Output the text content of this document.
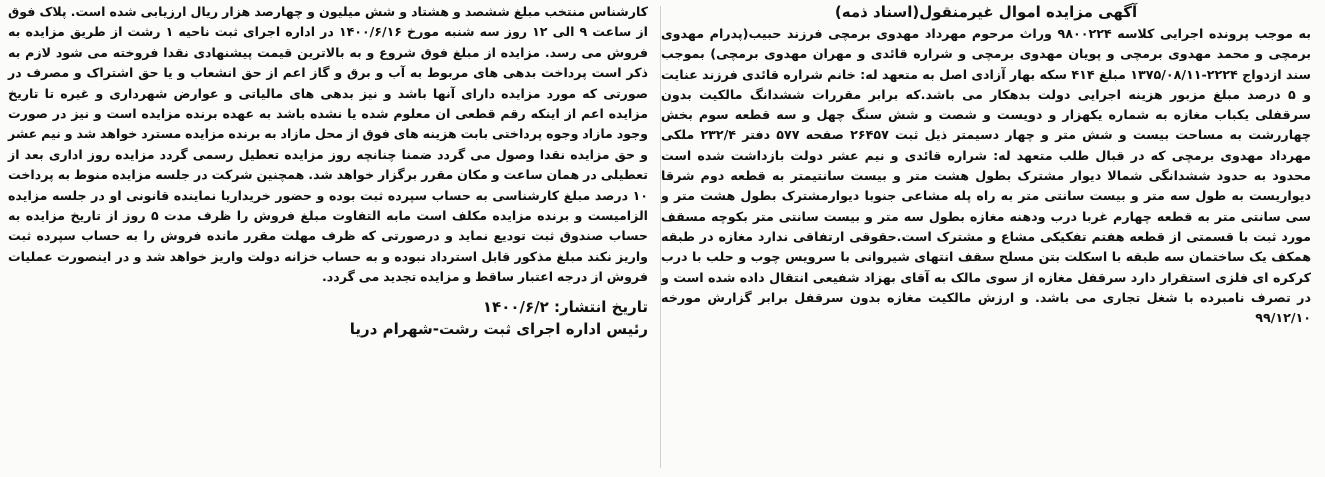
آگهی مزایده اموال غیرمنقول(اسناد ذمه)

به موجب پرونده اجرایی کلاسه ۹۸۰۰۲۲۴ وراث مرحوم مهرداد مهدوی برمچی فرزند حبیب(پدرام مهدوی برمچی و محمد مهدوی برمچی و پویان مهدوی برمچی و شراره قائدی و مهران مهدوی برمچی) بموجب سند ازدواج ۲۲۲۴-۱۳۷۵/۰۸/۱۱ مبلغ ۴۱۴ سکه بهار آزادی اصل به متعهد له: خانم شراره قائدی فرزند عنایت و ۵ درصد مبلغ مزبور هزینه اجرایی دولت بدهکار می باشد.که برابر مقررات ششدانگ مالکیت بدون سرقفلی یکباب مغازه به شماره یکهزار و دویست و شصت و شش سنگ چهل و سه قطعه سوم بخش چهاررشت به مساحت بیست و شش متر و چهار دسیمتر ذیل ثبت ۲۶۴۵۷ صفحه ۵۷۷ دفتر ۲۳۲/۴ ملکی مهرداد مهدوی برمچی که در قبال طلب متعهد له: شراره قائدی و نیم عشر دولت بازداشت شده است محدود به حدود ششدانگی شمالا دیوار مشترک بطول هشت متر و بیست سانتیمتر به قطعه دوم شرقا دیواریست به طول سه متر و بیست سانتی متر به راه پله مشاعی جنوبا دیوارمشترک بطول هشت متر و سی سانتی متر به قطعه چهارم غربا درب ودهنه مغازه بطول سه متر و بیست سانتی متر بکوچه مسقف مورد ثبت با قسمتی از قطعه هفتم تفکیکی مشاع و مشترک است.حقوقی ارتفاقی ندارد مغازه در طبقه همکف یک ساختمان سه طبقه با اسکلت بتن مسلح سقف انتهای شیروانی با سرویس چوب و حلب با درب کرکره ای فلزی استقرار دارد سرقفل مغازه از سوی مالک به آقای بهزاد شفیعی انتقال داده شده است و در تصرف نامبرده با شغل تجاری می باشد. و ارزش مالکیت مغازه بدون سرقفل برابر گزارش مورخه ۹۹/۱۲/۱۰

کارشناس منتخب مبلغ ششصد و هشتاد و شش میلیون و چهارصد هزار ریال ارزیابی شده است. پلاک فوق از ساعت ۹ الی ۱۲ روز سه شنبه مورخ ۱۴۰۰/۶/۱۶ در اداره اجرای ثبت ناحیه ۱ رشت از طریق مزایده به فروش می رسد. مزایده از مبلغ فوق شروع و به بالاترین قیمت پیشنهادی نقدا فروخته می شود لازم به ذکر است پرداخت بدهی های مربوط به آب و برق و گاز اعم از حق انشعاب و یا حق اشتراک و مصرف در صورتی که مورد مزایده دارای آنها باشد و نیز بدهی های مالیاتی و عوارض شهرداری و غیره تا تاریخ مزایده اعم از اینکه رقم قطعی ان معلوم شده یا نشده باشد به عهده برنده مزایده است و نیز در صورت وجود مازاد وجوه پرداختی بابت هزینه های فوق از محل مازاد به برنده مزایده مسترد خواهد شد و نیم عشر و حق مزایده نقدا وصول می گردد ضمنا چنانچه روز مزایده تعطیل رسمی گردد مزایده روز اداری بعد از تعطیلی در همان ساعت و مکان مقرر برگزار خواهد شد. همچنین شرکت در جلسه مزایده منوط به پرداخت ۱۰ درصد مبلغ کارشناسی به حساب سپرده ثبت بوده و حضور خریداریا نماینده قانونی او در جلسه مزایده الزامیست و برنده مزایده مکلف است مابه التفاوت مبلغ فروش را ظرف مدت ۵ روز از تاریخ مزایده به حساب صندوق ثبت تودیع نماید و درصورتی که ظرف مهلت مقرر مانده فروش را به حساب سپرده ثبت واریز نکند مبلغ مذکور قابل استرداد نبوده و به حساب خزانه دولت واریز خواهد شد و در اینصورت عملیات فروش از درجه اعتبار ساقط و مزایده تجدید می گردد.

تاریخ انتشار: ۱۴۰۰/۶/۲
رئیس اداره اجرای ثبت رشت-شهرام دریا
